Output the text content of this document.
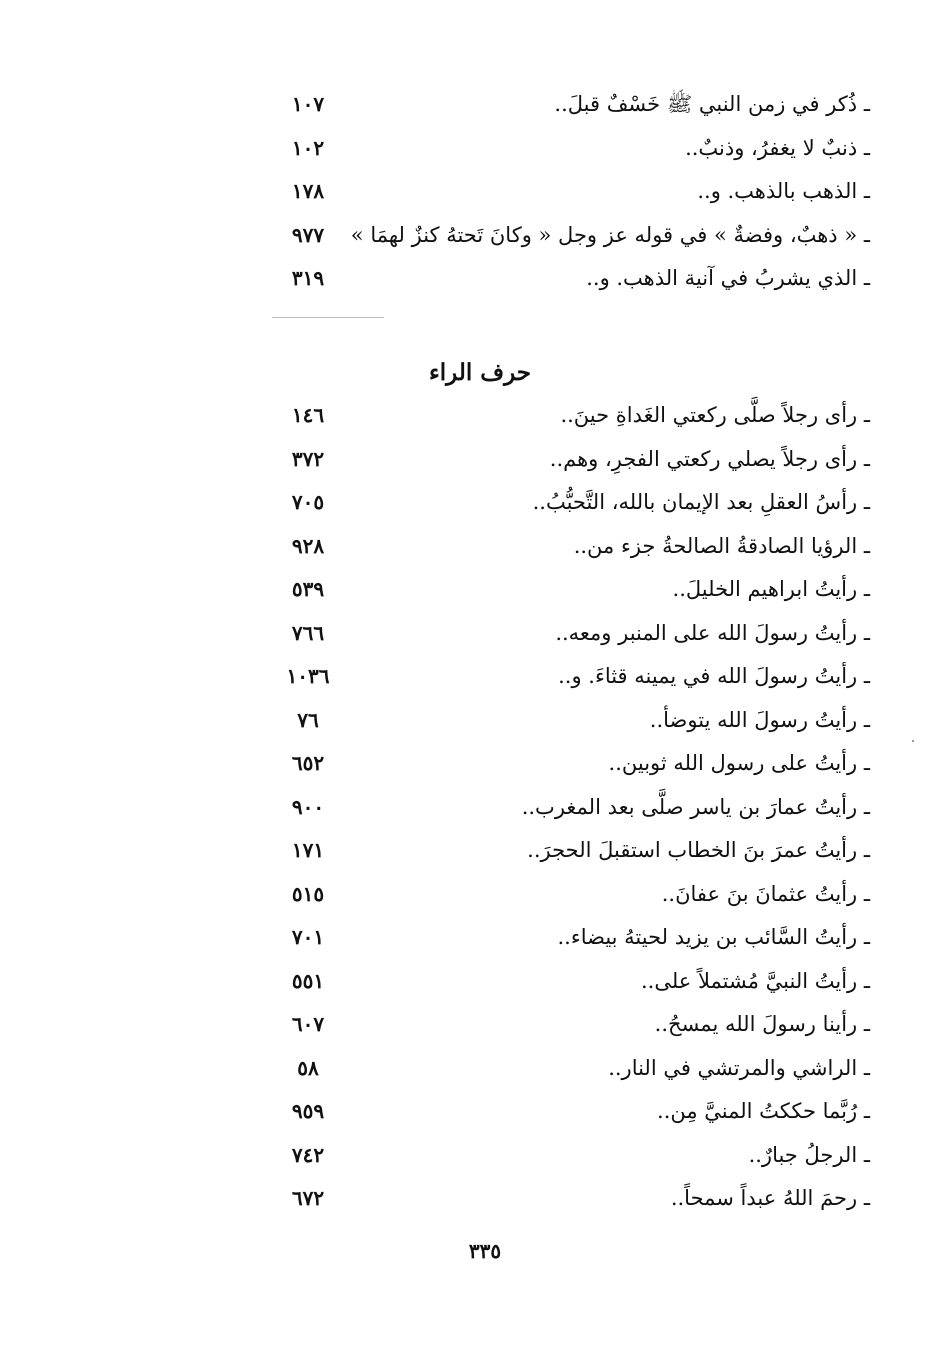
ـ ذُكر في زمن النبي ﷺ خَسْفٌ قبلَ..
١٠٧
ـ ذنبٌ لا يغفرُ، وذنبٌ..
١٠٢
ـ الذهب بالذهب. و..
١٧٨
ـ « ذهبٌ، وفضةٌ » في قوله عز وجل « وكانَ تَحتهُ كنزٌ لهمَا »
٩٧٧
ـ الذي يشربُ في آنية الذهب. و..
٣١٩
حرف الراء
ـ رأى رجلاً صلَّى ركعتي الغَداةِ حينَ..
١٤٦
ـ رأى رجلاً يصلي ركعتي الفجرِ، وهم..
٣٧٢
ـ رأسُ العقلِ بعد الإيمان بالله، التَّحبُّبُ..
٧٠٥
ـ الرؤيا الصادقةُ الصالحةُ جزء من..
٩٢٨
ـ رأيتُ ابراهيم الخليلَ..
٥٣٩
ـ رأيتُ رسولَ الله على المنبر ومعه..
٧٦٦
ـ رأيتُ رسولَ الله في يمينه قثاءَ. و..
١٠٣٦
ـ رأيتُ رسولَ الله يتوضأ..
٧٦
ـ رأيتُ على رسول الله ثوبين..
٦٥٢
ـ رأيتُ عمارَ بن ياسر صلَّى بعد المغرب..
٩٠٠
ـ رأيتُ عمرَ بنَ الخطاب استقبلَ الحجرَ..
١٧١
ـ رأيتُ عثمانَ بنَ عفانَ..
٥١٥
ـ رأيتُ السَّائب بن يزيد لحيتهُ بيضاء..
٧٠١
ـ رأيتُ النبيَّ مُشتملاً على..
٥٥١
ـ رأينا رسولَ الله يمسحُ..
٦٠٧
ـ الراشي والمرتشي في النار..
٥٨
ـ رُبَّما حككتُ المنيَّ مِن..
٩٥٩
ـ الرجلُ جبارٌ..
٧٤٢
ـ رحمَ اللهُ عبداً سمحاً..
٦٧٢
٣٣٥
